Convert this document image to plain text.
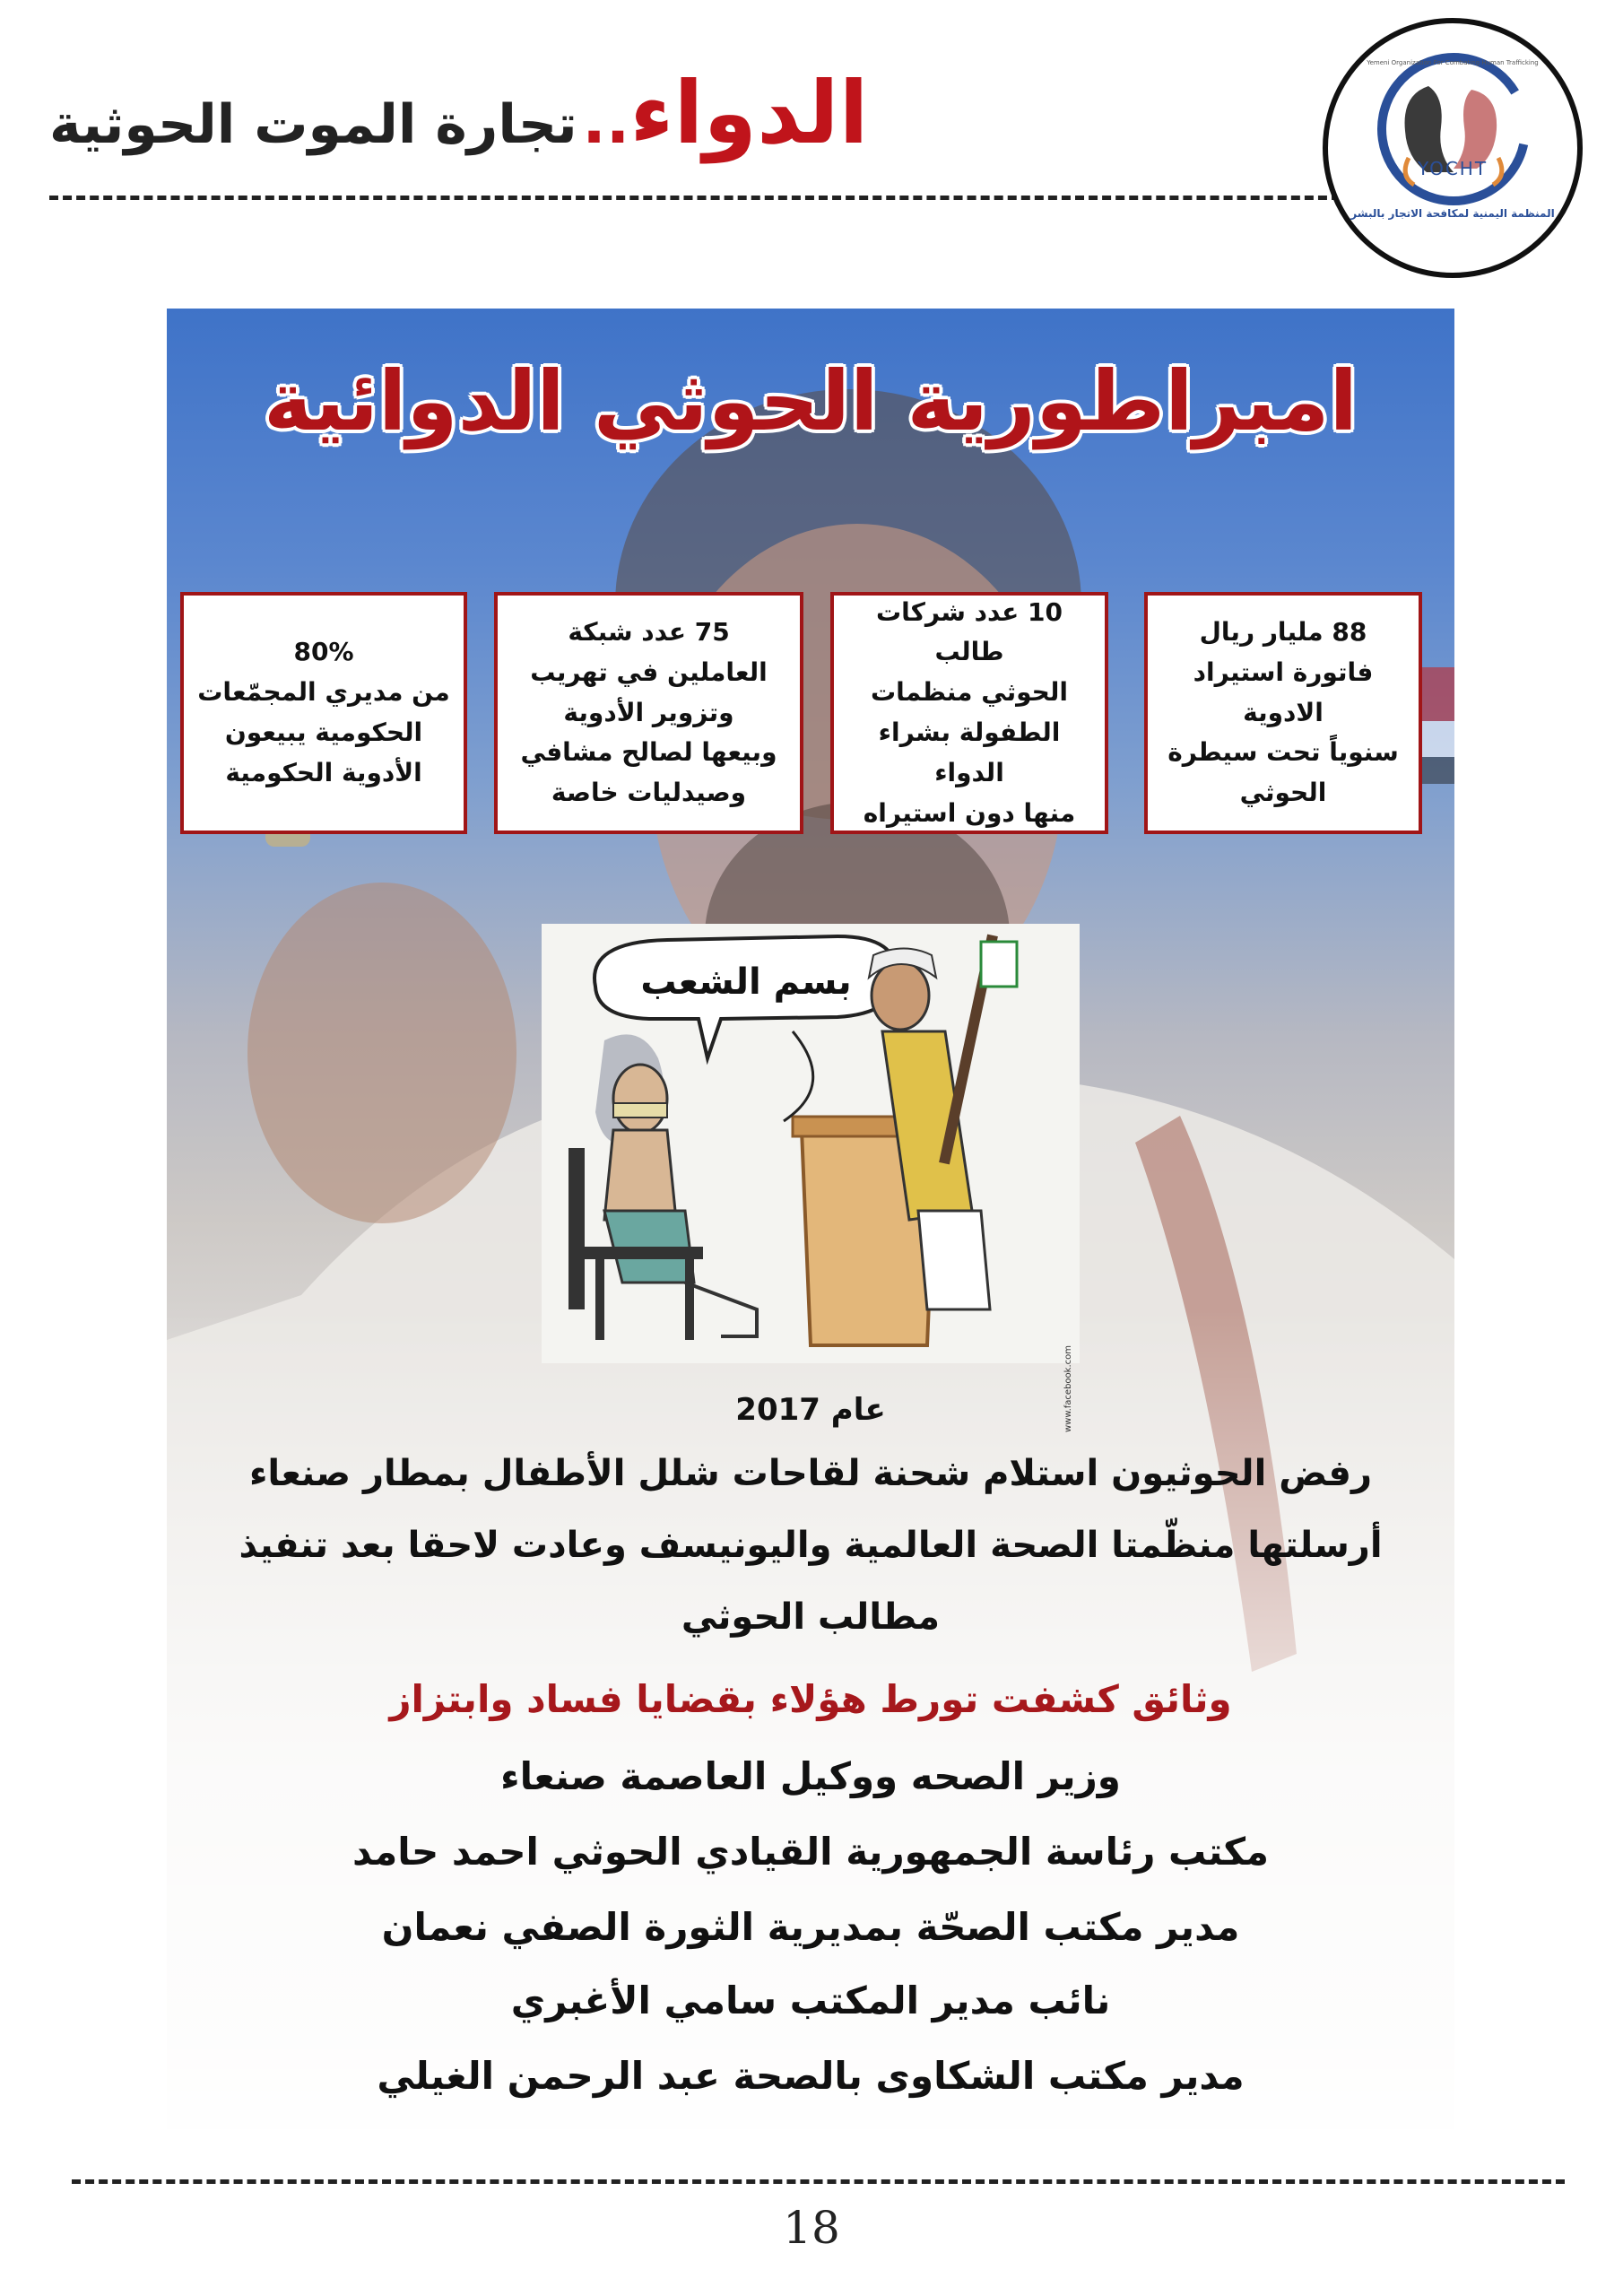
الدواء.. تجارة الموت الحوثية
YOCHT
المنظمة اليمنية لمكافحة الاتجار بالبشر
Yemeni Organization For Combating Human Trafficking
امبراطورية الحوثي الدوائية
88 مليار ريال
فاتورة استيراد الادوية
سنوياً تحت سيطرة
الحوثي
10 عدد شركات طالب
الحوثي منظمات
الطفولة بشراء الدواء
منها دون استيراه
75 عدد شبكة
العاملين في تهريب
وتزوير الأدوية
وبيعها لصالح مشافي
وصيدليات خاصة
80%
من مديري المجمّعات
الحكومية يبيعون
الأدوية الحكومية
بسم الشعب
www.facebook.com
عام 2017
رفض الحوثيون استلام شحنة لقاحات شلل الأطفال بمطار صنعاء
أرسلتها منظّمتا الصحة العالمية واليونيسف وعادت لاحقا بعد تنفيذ
مطالب الحوثي
وثائق كشفت تورط هؤلاء بقضايا فساد وابتزاز
وزير الصحه ووكيل العاصمة صنعاء
مكتب رئاسة الجمهورية القيادي الحوثي احمد حامد
مدير مكتب الصحّة بمديرية الثورة الصفي نعمان
نائب مدير المكتب سامي الأغبري
مدير مكتب الشكاوى بالصحة عبد الرحمن الغيلي
18
